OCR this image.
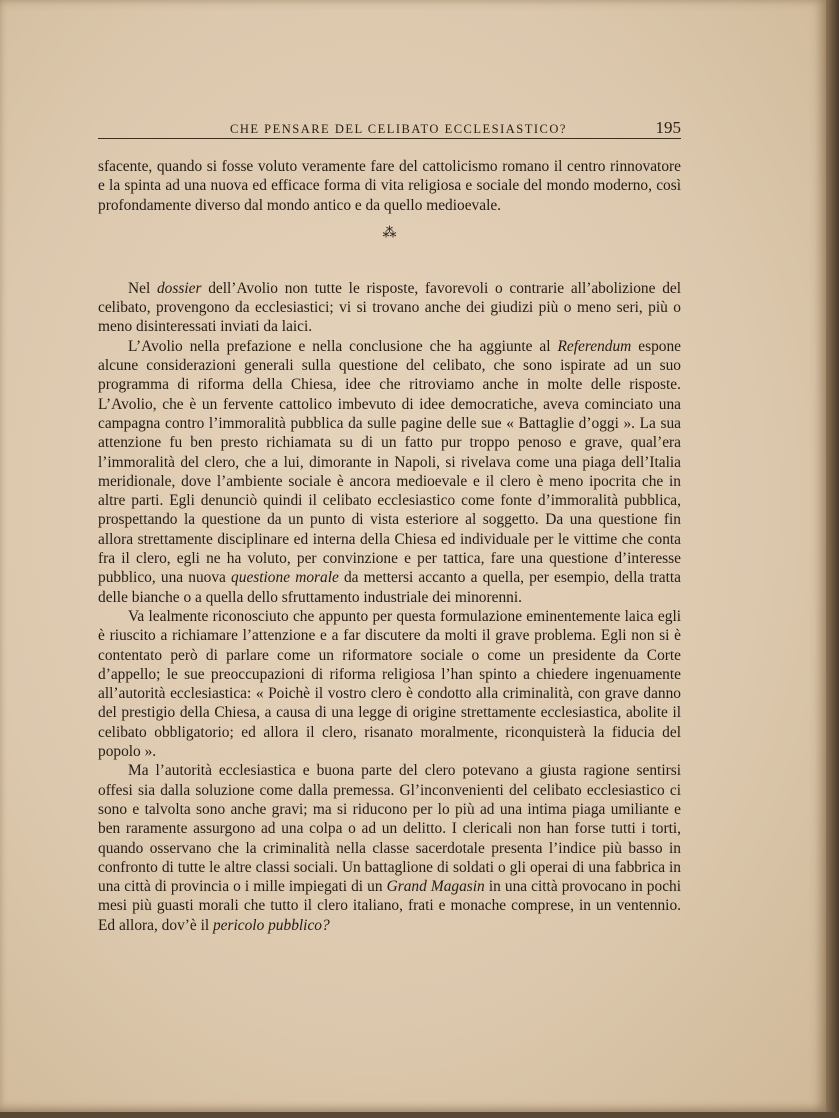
CHE PENSARE DEL CELIBATO ECCLESIASTICO?	195

sfacente, quando si fosse voluto veramente fare del cattolicismo romano il centro rinnovatore e la spinta ad una nuova ed efficace forma di vita religiosa e sociale del mondo moderno, così profondamente diverso dal mondo antico e da quello medioevale.

⁂

Nel dossier dell’Avolio non tutte le risposte, favorevoli o contrarie all’abolizione del celibato, provengono da ecclesiastici; vi si trovano anche dei giudizi più o meno seri, più o meno disinteressati inviati da laici.

L’Avolio nella prefazione e nella conclusione che ha aggiunte al Referendum espone alcune considerazioni generali sulla questione del celibato, che sono ispirate ad un suo programma di riforma della Chiesa, idee che ritroviamo anche in molte delle risposte. L’Avolio, che è un fervente cattolico imbevuto di idee democratiche, aveva cominciato una campagna contro l’immoralità pubblica da sulle pagine delle sue « Battaglie d’oggi ». La sua attenzione fu ben presto richiamata su di un fatto pur troppo penoso e grave, qual’era l’immoralità del clero, che a lui, dimorante in Napoli, si rivelava come una piaga dell’Italia meridionale, dove l’ambiente sociale è ancora medioevale e il clero è meno ipocrita che in altre parti. Egli denunciò quindi il celibato ecclesiastico come fonte d’immoralità pubblica, prospettando la questione da un punto di vista esteriore al soggetto. Da una questione fin allora strettamente disciplinare ed interna della Chiesa ed individuale per le vittime che conta fra il clero, egli ne ha voluto, per convinzione e per tattica, fare una questione d’interesse pubblico, una nuova questione morale da mettersi accanto a quella, per esempio, della tratta delle bianche o a quella dello sfruttamento industriale dei minorenni.

Va lealmente riconosciuto che appunto per questa formulazione eminentemente laica egli è riuscito a richiamare l’attenzione e a far discutere da molti il grave problema. Egli non si è contentato però di parlare come un riformatore sociale o come un presidente da Corte d’appello; le sue preoccupazioni di riforma religiosa l’han spinto a chiedere ingenuamente all’autorità ecclesiastica: « Poichè il vostro clero è condotto alla criminalità, con grave danno del prestigio della Chiesa, a causa di una legge di origine strettamente ecclesiastica, abolite il celibato obbligatorio; ed allora il clero, risanato moralmente, riconquisterà la fiducia del popolo ».

Ma l’autorità ecclesiastica e buona parte del clero potevano a giusta ragione sentirsi offesi sia dalla soluzione come dalla premessa. Gl’inconvenienti del celibato ecclesiastico ci sono e talvolta sono anche gravi; ma si riducono per lo più ad una intima piaga umiliante e ben raramente assurgono ad una colpa o ad un delitto. I clericali non han forse tutti i torti, quando osservano che la criminalità nella classe sacerdotale presenta l’indice più basso in confronto di tutte le altre classi sociali. Un battaglione di soldati o gli operai di una fabbrica in una città di provincia o i mille impiegati di un Grand Magasin in una città provocano in pochi mesi più guasti morali che tutto il clero italiano, frati e monache comprese, in un ventennio. Ed allora, dov’è il pericolo pubblico?
